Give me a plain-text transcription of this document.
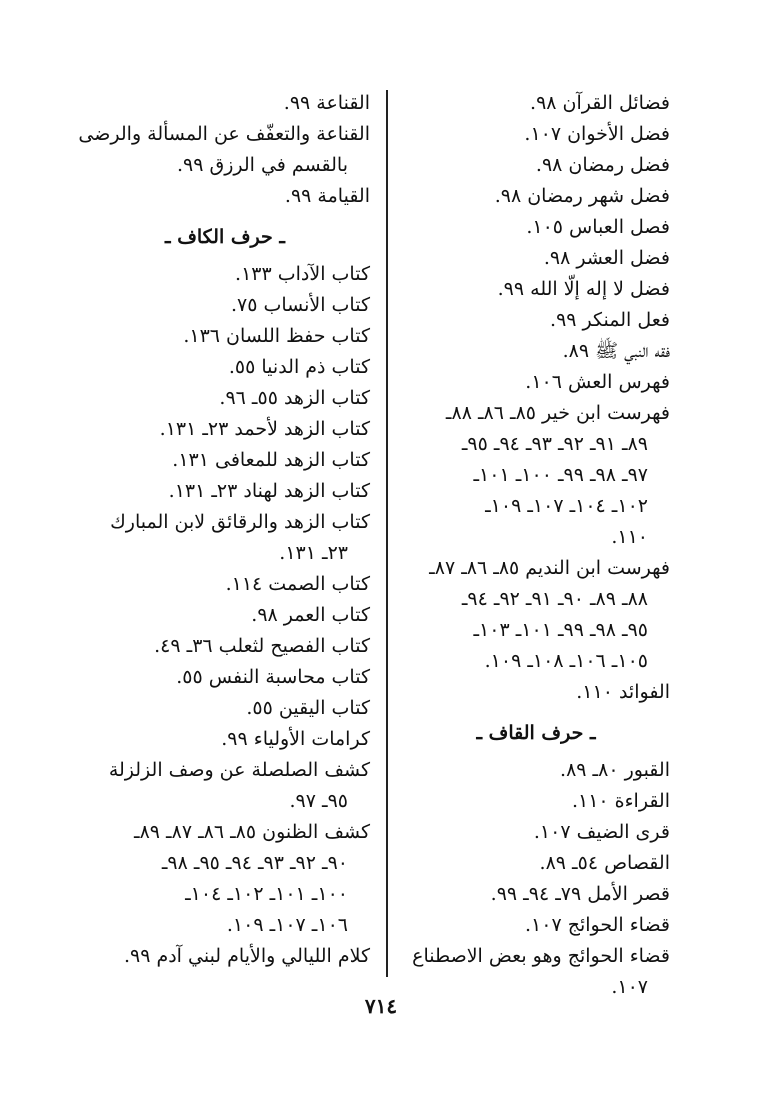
فضائل القرآن ٩٨.
فضل الأخوان ١٠٧.
فضل رمضان ٩٨.
فضل شهر رمضان ٩٨.
فصل العباس ١٠٥.
فضل العشر ٩٨.
فضل لا إله إلّا الله ٩٩.
فعل المنكر ٩٩.
فقه النبي ﷺ ٨٩.
فهرس العش ١٠٦.
فهرست ابن خير ٨٥ـ ٨٦ـ ٨٨ـ
٨٩ـ ٩١ـ ٩٢ـ ٩٣ـ ٩٤ـ ٩٥ـ
٩٧ـ ٩٨ـ ٩٩ـ ١٠٠ـ ١٠١ـ
١٠٢ـ ١٠٤ـ ١٠٧ـ ١٠٩ـ
١١٠.
فهرست ابن النديم ٨٥ـ ٨٦ـ ٨٧ـ
٨٨ـ ٨٩ـ ٩٠ـ ٩١ـ ٩٢ـ ٩٤ـ
٩٥ـ ٩٨ـ ٩٩ـ ١٠١ـ ١٠٣ـ
١٠٥ـ ١٠٦ـ ١٠٨ـ ١٠٩.
الفوائد ١١٠.
ـ حرف القاف ـ
القبور ٨٠ـ ٨٩.
القراءة ١١٠.
قرى الضيف ١٠٧.
القصاص ٥٤ـ ٨٩.
قصر الأمل ٧٩ـ ٩٤ـ ٩٩.
قضاء الحوائج ١٠٧.
قضاء الحوائج وهو بعض الاصطناع
١٠٧.
القناعة ٩٩.
القناعة والتعفّف عن المسألة والرضى
بالقسم في الرزق ٩٩.
القيامة ٩٩.
ـ حرف الكاف ـ
كتاب الآداب ١٣٣.
كتاب الأنساب ٧٥.
كتاب حفظ اللسان ١٣٦.
كتاب ذم الدنيا ٥٥.
كتاب الزهد ٥٥ـ ٩٦.
كتاب الزهد لأحمد ٢٣ـ ١٣١.
كتاب الزهد للمعافى ١٣١.
كتاب الزهد لهناد ٢٣ـ ١٣١.
كتاب الزهد والرقائق لابن المبارك
٢٣ـ ١٣١.
كتاب الصمت ١١٤.
كتاب العمر ٩٨.
كتاب الفصيح لثعلب ٣٦ـ ٤٩.
كتاب محاسبة النفس ٥٥.
كتاب اليقين ٥٥.
كرامات الأولياء ٩٩.
كشف الصلصلة عن وصف الزلزلة
٩٥ـ ٩٧.
كشف الظنون ٨٥ـ ٨٦ـ ٨٧ـ ٨٩ـ
٩٠ـ ٩٢ـ ٩٣ـ ٩٤ـ ٩٥ـ ٩٨ـ
١٠٠ـ ١٠١ـ ١٠٢ـ ١٠٤ـ
١٠٦ـ ١٠٧ـ ١٠٩.
كلام الليالي والأيام لبني آدم ٩٩.
٧١٤
